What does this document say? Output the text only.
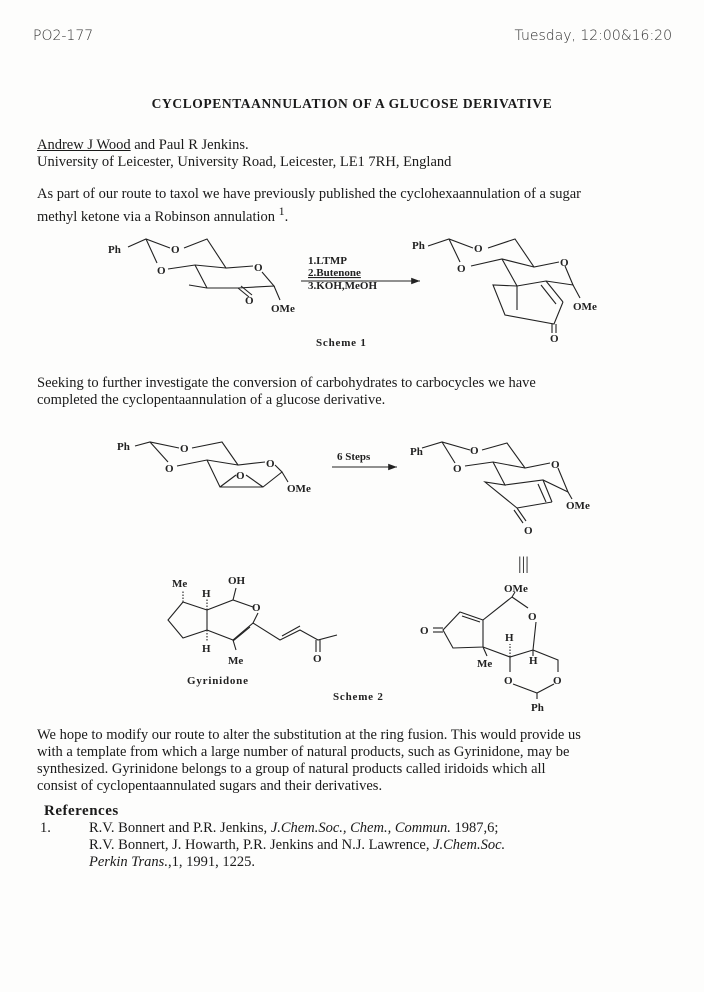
PO2-177	Tuesday, 12:00&16:20
CYCLOPENTAANNULATION OF A GLUCOSE DERIVATIVE
Andrew J Wood and Paul R Jenkins.
University of Leicester, University Road, Leicester, LE1 7RH, England
As part of our route to taxol we have previously published the cyclohexaannulation of a sugar
methyl ketone via a Robinson annulation $^1$.
Seeking to further investigate the conversion of carbohydrates to carbocycles we have
completed the cyclopentaannulation of a glucose derivative.
We hope to modify our route to alter the substitution at the ring fusion. This would provide us
with a template from which a large number of natural products, such as Gyrinidone, may be
synthesized. Gyrinidone belongs to a group of natural products called iridoids which all
consist of cyclopentaannulated sugars and their derivatives.
References
1.	R.V. Bonnert and P.R. Jenkins, J.Chem.Soc., Chem., Commun. 1987,6;
R.V. Bonnert, J. Howarth, P.R. Jenkins and N.J. Lawrence, J.Chem.Soc.
Perkin Trans.,1, 1991, 1225.
Ph	O
O	O
O
OMe
1.LTMP
2.Butenone
3.KOH,MeOH
Ph	O
O	O
OMe
O
Scheme 1
Ph	O
O	O
O
OMe
6 Steps	Ph	O
O	O
OMe
O
|||
Me	OH
H
O
H
Me	O
Gyrinidone
OMe
O
O
H
Me	H
O	O
Ph
Scheme 2
